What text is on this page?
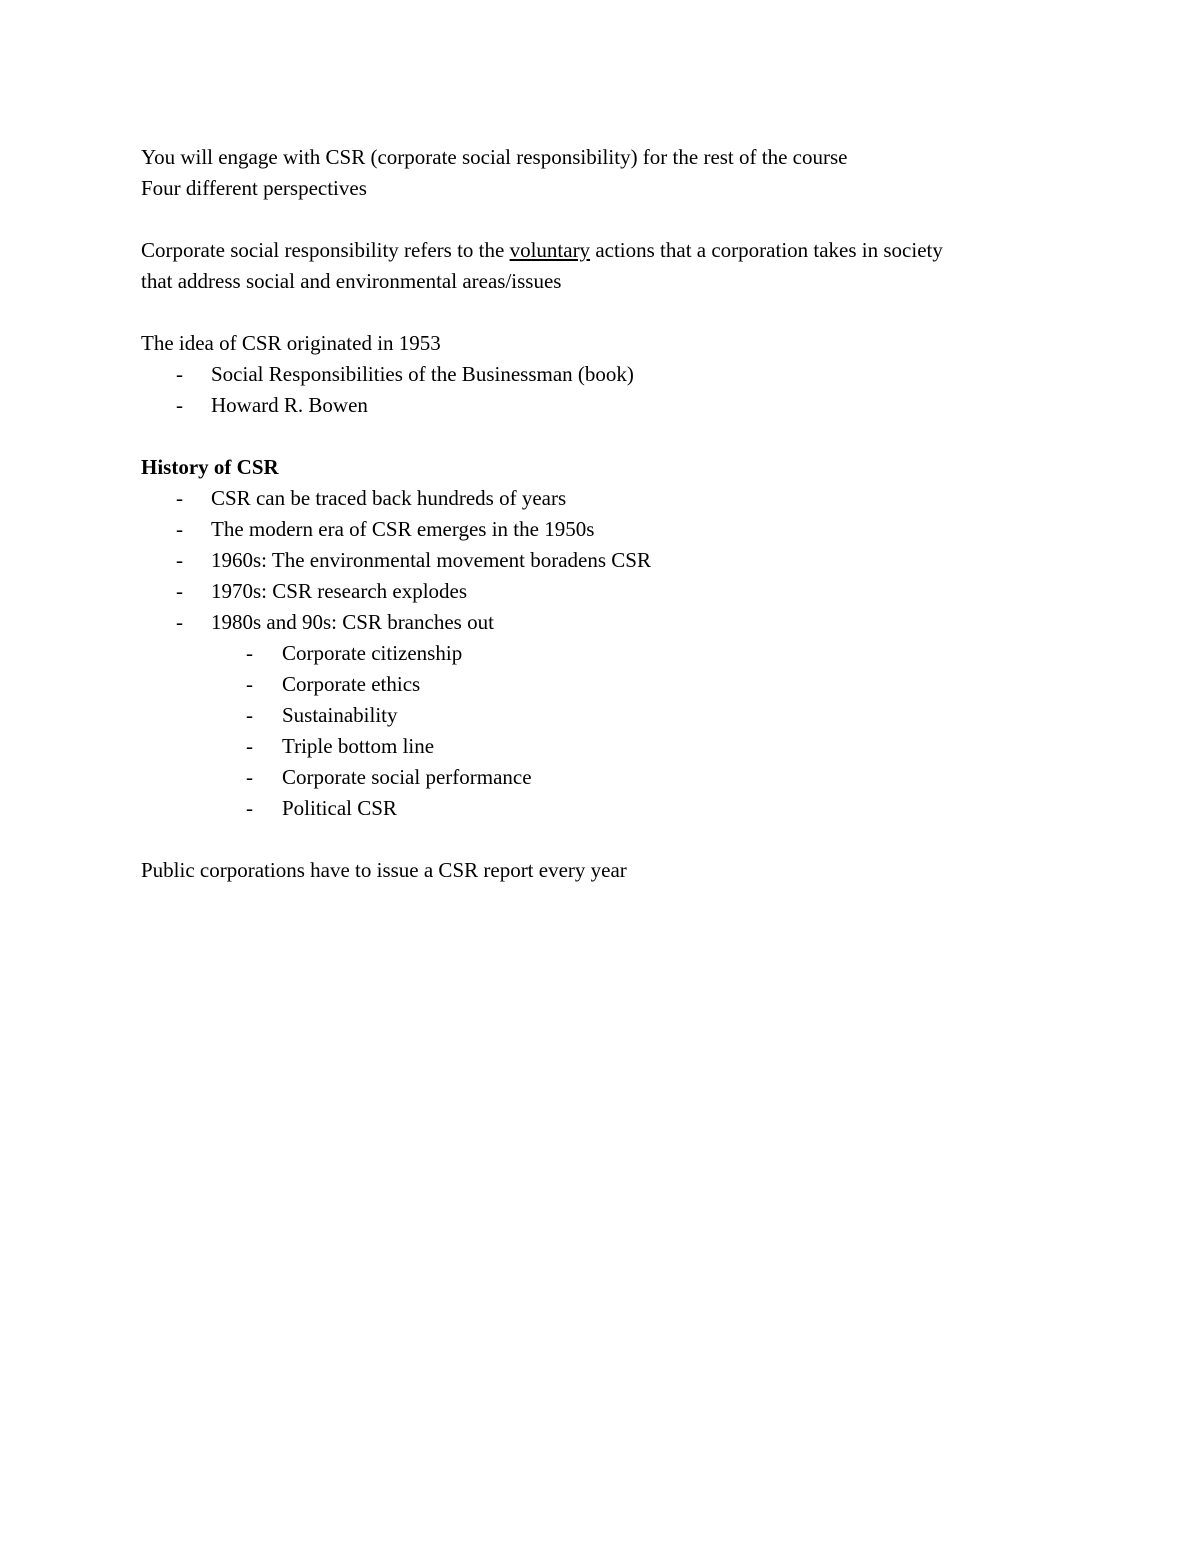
You will engage with CSR (corporate social responsibility) for the rest of the course
Four different perspectives
Corporate social responsibility refers to the voluntary actions that a corporation takes in society
that address social and environmental areas/issues
The idea of CSR originated in 1953
- Social Responsibilities of the Businessman (book)
- Howard R. Bowen
History of CSR
- CSR can be traced back hundreds of years
- The modern era of CSR emerges in the 1950s
- 1960s: The environmental movement boradens CSR
- 1970s: CSR research explodes
- 1980s and 90s: CSR branches out
- Corporate citizenship
- Corporate ethics
- Sustainability
- Triple bottom line
- Corporate social performance
- Political CSR
Public corporations have to issue a CSR report every year
